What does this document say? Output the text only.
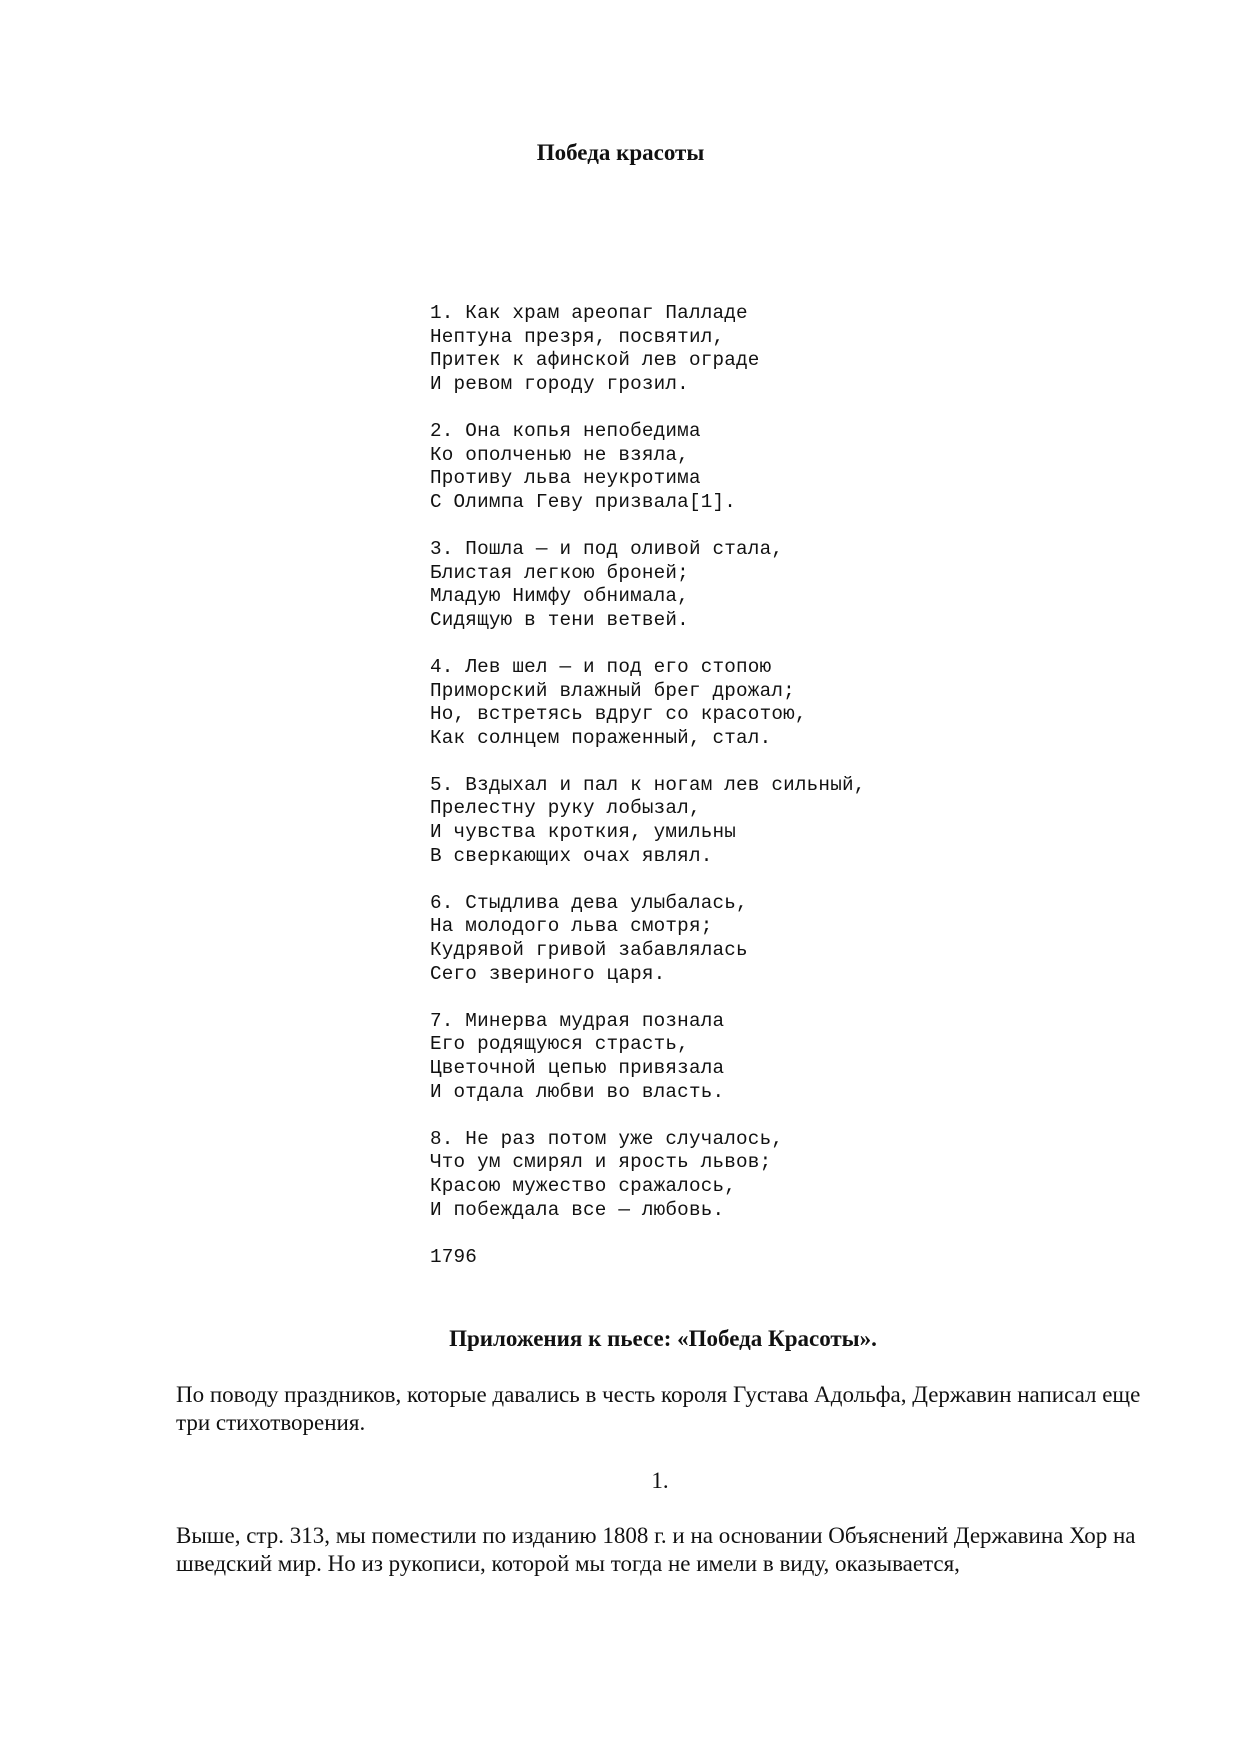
Победа красоты
1. Как храм ареопаг Палладе
Нептуна презря, посвятил,
Притек к афинской лев ограде
И ревом городу грозил.
2. Она копья непобедима
Ко ополченью не взяла,
Противу льва неукротима
С Олимпа Геву призвала[1].
3. Пошла — и под оливой стала,
Блистая легкою броней;
Младую Нимфу обнимала,
Сидящую в тени ветвей.
4. Лев шел — и под его стопою
Приморский влажный брег дрожал;
Но, встретясь вдруг со красотою,
Как солнцем пораженный, стал.
5. Вздыхал и пал к ногам лев сильный,
Прелестну руку лобызал,
И чувства кроткия, умильны
В сверкающих очах являл.
6. Стыдлива дева улыбалась,
На молодого льва смотря;
Кудрявой гривой забавлялась
Сего звериного царя.
7. Минерва мудрая познала
Его родящуюся страсть,
Цветочной цепью привязала
И отдала любви во власть.
8. Не раз потом уже случалось,
Что ум смирял и ярость львов;
Красою мужество сражалось,
И побеждала все — любовь.
1796
Приложения к пьесе: «Победа Красоты».

По поводу праздников, которые давались в честь короля Густава Адольфа, Державин написал еще три стихотворения.

1.

Выше, стр. 313, мы поместили по изданию 1808 г. и на основании Объяснений Державина Хор на шведский мир. Но из рукописи, которой мы тогда не имели в виду, оказывается,
